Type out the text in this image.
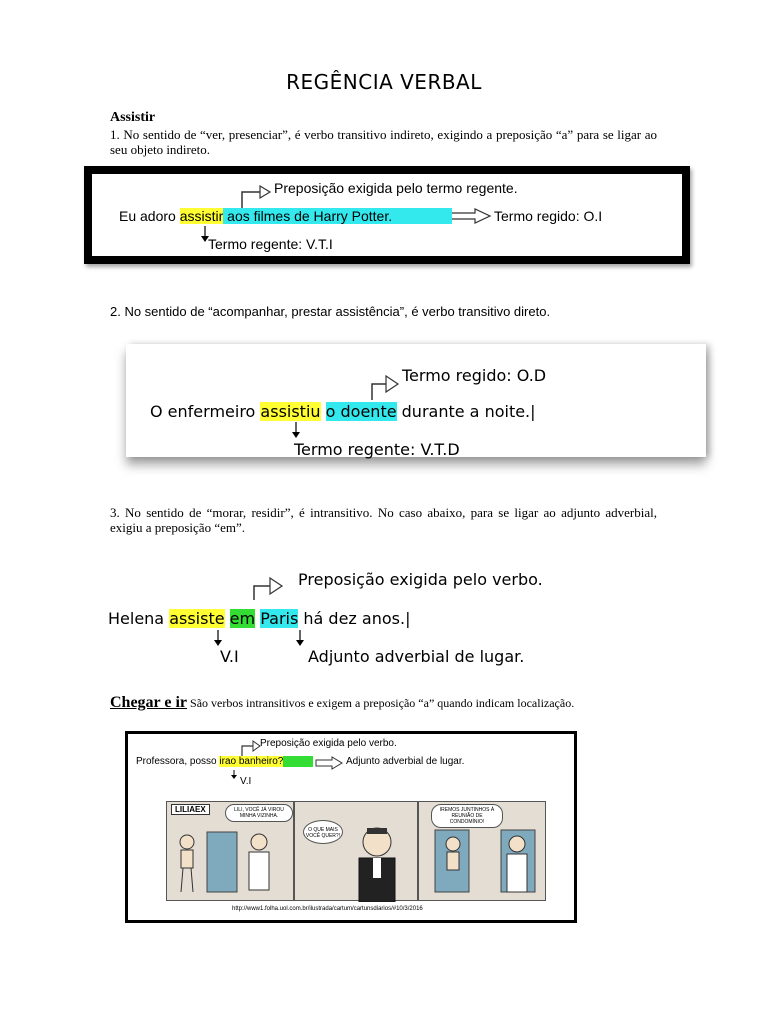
REGÊNCIA VERBAL
Assistir
1. No sentido de “ver, presenciar”, é verbo transitivo indireto, exigindo a preposição “a” para se ligar ao seu objeto indireto.
Preposição exigida pelo termo regente.
Eu adoro assistir aos filmes de Harry Potter.	Termo regido: O.I
Termo regente: V.T.I
2. No sentido de “acompanhar, prestar assistência”, é verbo transitivo direto.
Termo regido: O.D
O enfermeiro assistiu o doente durante a noite.|
Termo regente: V.T.D
3. No sentido de “morar, residir”, é intransitivo. No caso abaixo, para se ligar ao adjunto adverbial, exigiu a preposição “em”.
Preposição exigida pelo verbo.
Helena assiste em Paris há dez anos.|
V.I	Adjunto adverbial de lugar.
Chegar e ir São verbos intransitivos e exigem a preposição “a” quando indicam localização.
Preposição exigida pelo verbo.
Professora, posso irao banheiro?	Adjunto adverbial de lugar.
V.I
LILIAEX	LILI, VOCÊ JÁ VIROU MINHA VIZINHA.
O QUE MAIS VOCÊ QUER?!
IREMOS JUNTINHOS À REUNIÃO DE CONDOMÍNIO!
http://www1.folha.uol.com.br/ilustrada/cartum/cartunsdiarios/#10/3/2016
